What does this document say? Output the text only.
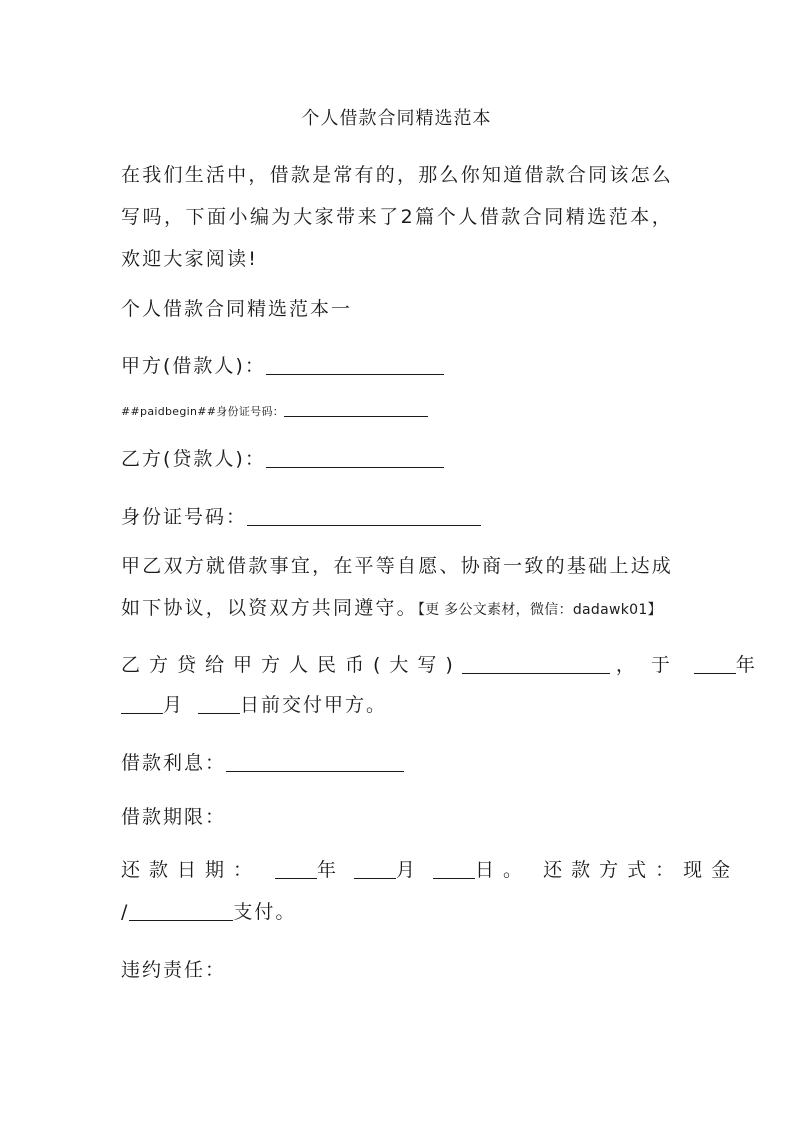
个人借款合同精选范本
在我们生活中，借款是常有的，那么你知道借款合同该怎么写吗，下面小编为大家带来了2篇个人借款合同精选范本，欢迎大家阅读!
个人借款合同精选范本一
甲方(借款人)：
##paidbegin##身份证号码：
乙方(贷款人)：
身份证号码：
甲乙双方就借款事宜，在平等自愿、协商一致的基础上达成如下协议，以资双方共同遵守。【更 多公文素材，微信：dadawk01】
乙方贷给甲方人民币(大写)	， 于	年
月	日前交付甲方。
借款利息：
借款期限：
还款日期：	年	月	日。 还款方式：现金
/	支付。
违约责任：
